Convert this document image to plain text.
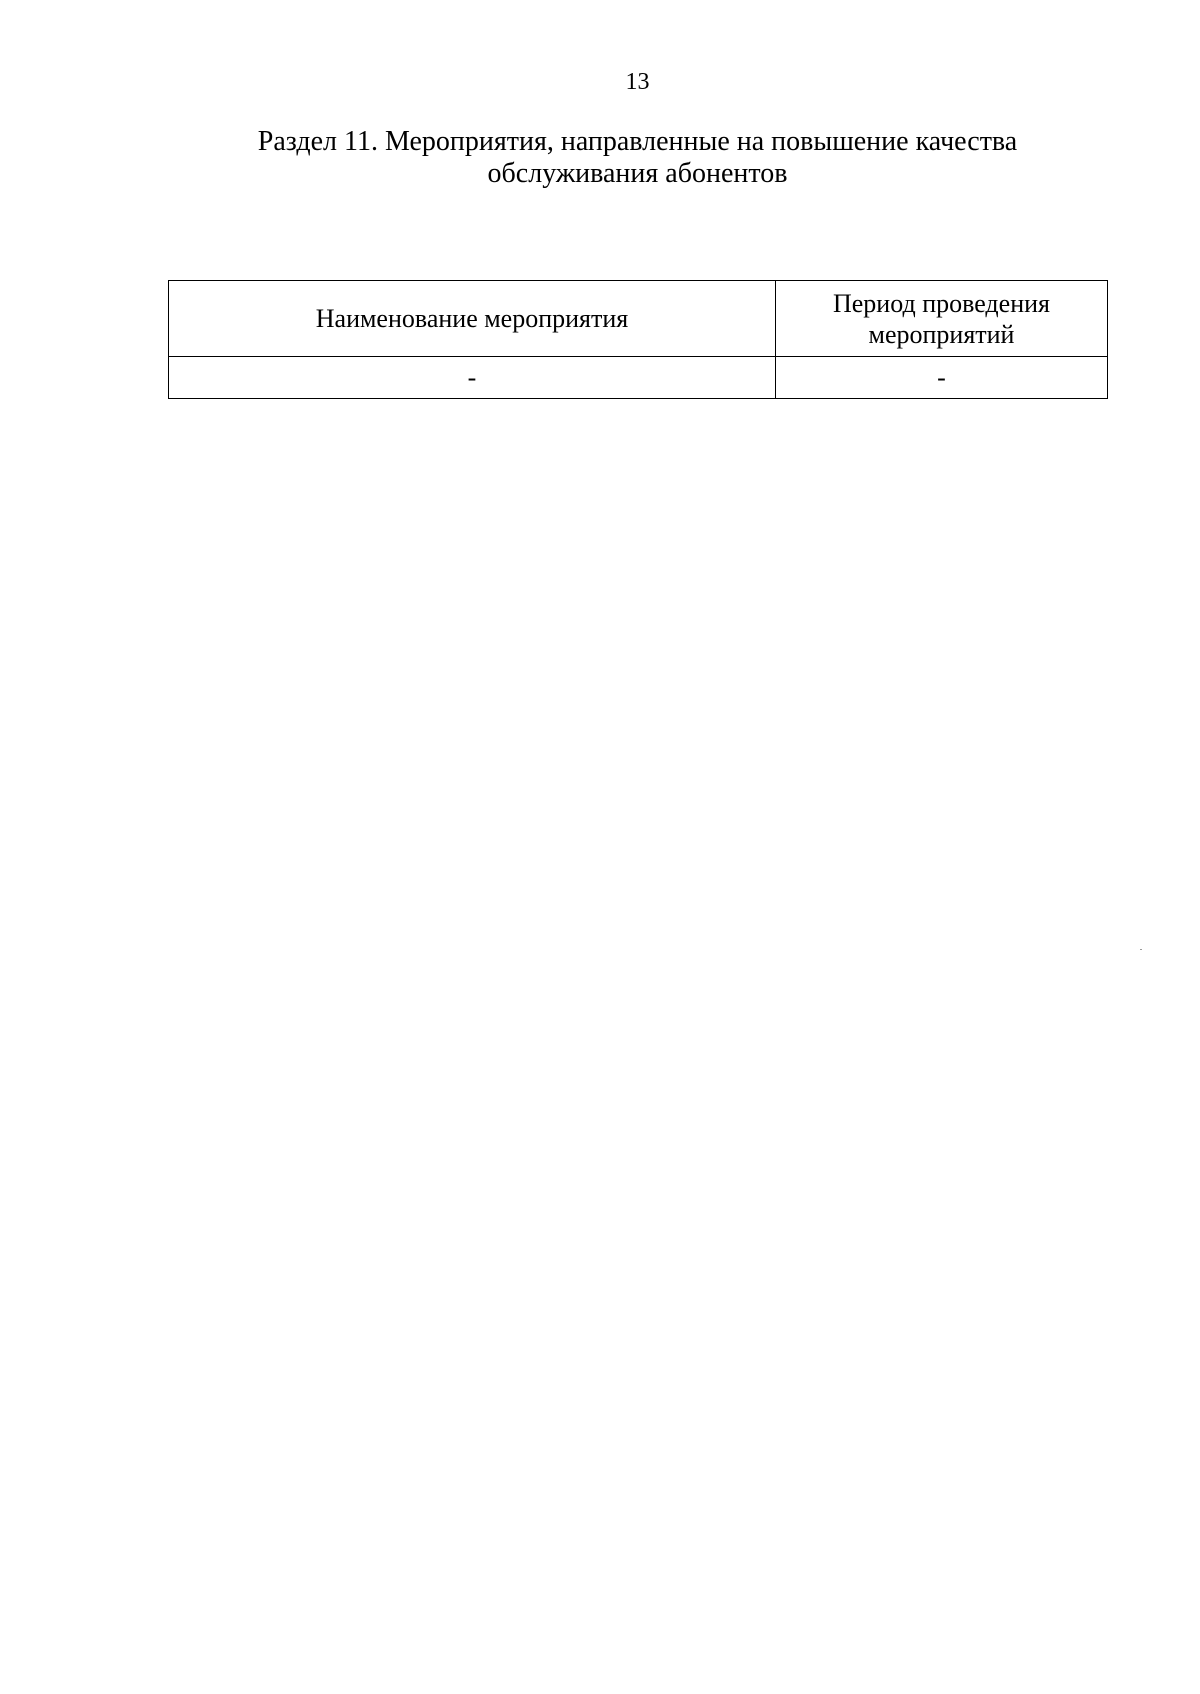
13
Раздел 11. Мероприятия, направленные на повышение качества
обслуживания абонентов
Наименование мероприятия	Период проведения мероприятий
-	-
